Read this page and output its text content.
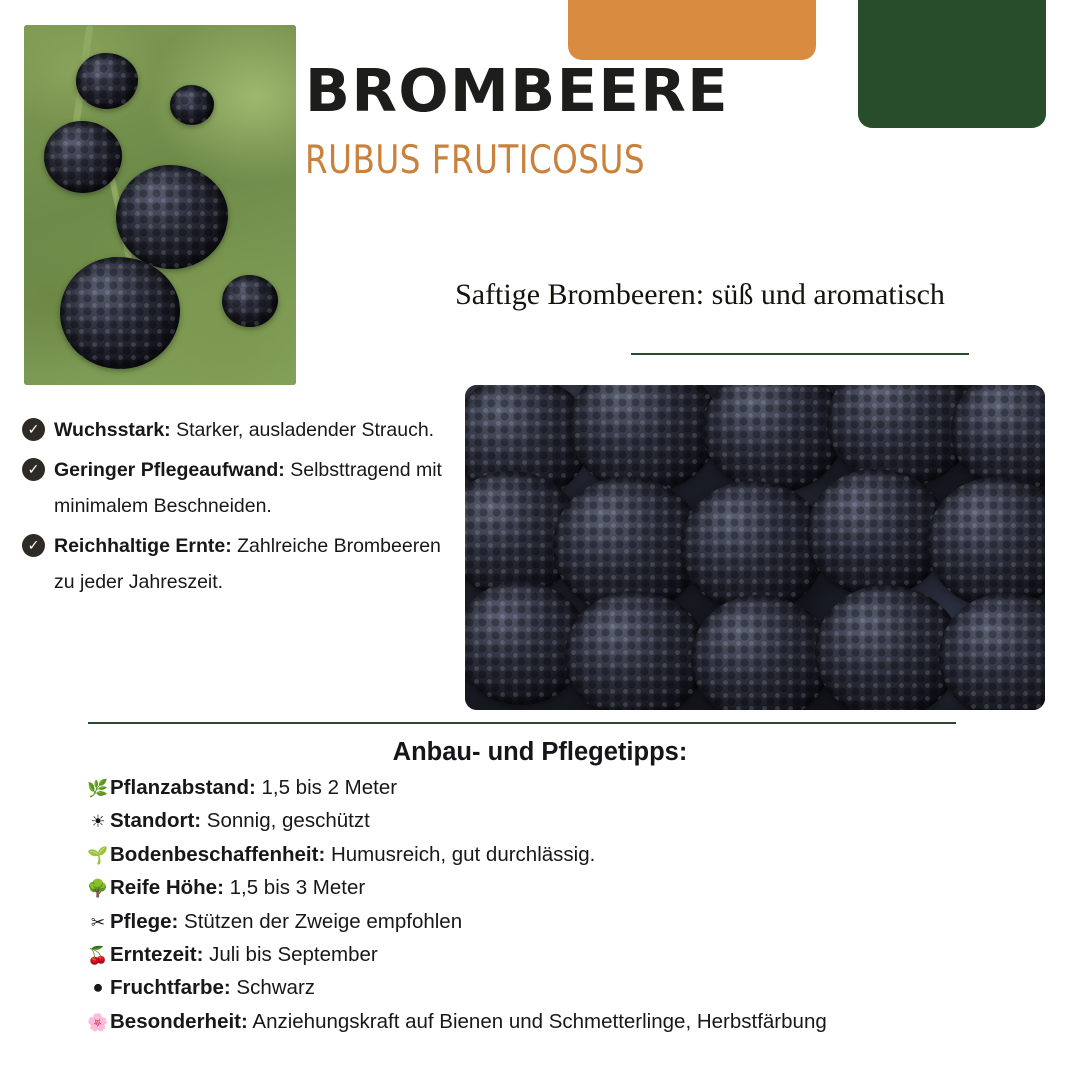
BROMBEERE
RUBUS FRUTICOSUS
Saftige Brombeeren: süß und aromatisch
✓ Wuchsstark: Starker, ausladender Strauch.
✓ Geringer Pflegeaufwand: Selbsttragend mit minimalem Beschneiden.
✓ Reichhaltige Ernte: Zahlreiche Brombeeren zu jeder Jahreszeit.
Anbau- und Pflegetipps:
🌿Pflanzabstand: 1,5 bis 2 Meter
☀ Standort: Sonnig, geschützt
🌱Bodenbeschaffenheit: Humusreich, gut durchlässig.
🌳Reife Höhe: 1,5 bis 3 Meter
✂ Pflege: Stützen der Zweige empfohlen
🍒Erntezeit: Juli bis September
⚫ Fruchtfarbe: Schwarz
🌸Besonderheit: Anziehungskraft auf Bienen und Schmetterlinge, Herbstfärbung
